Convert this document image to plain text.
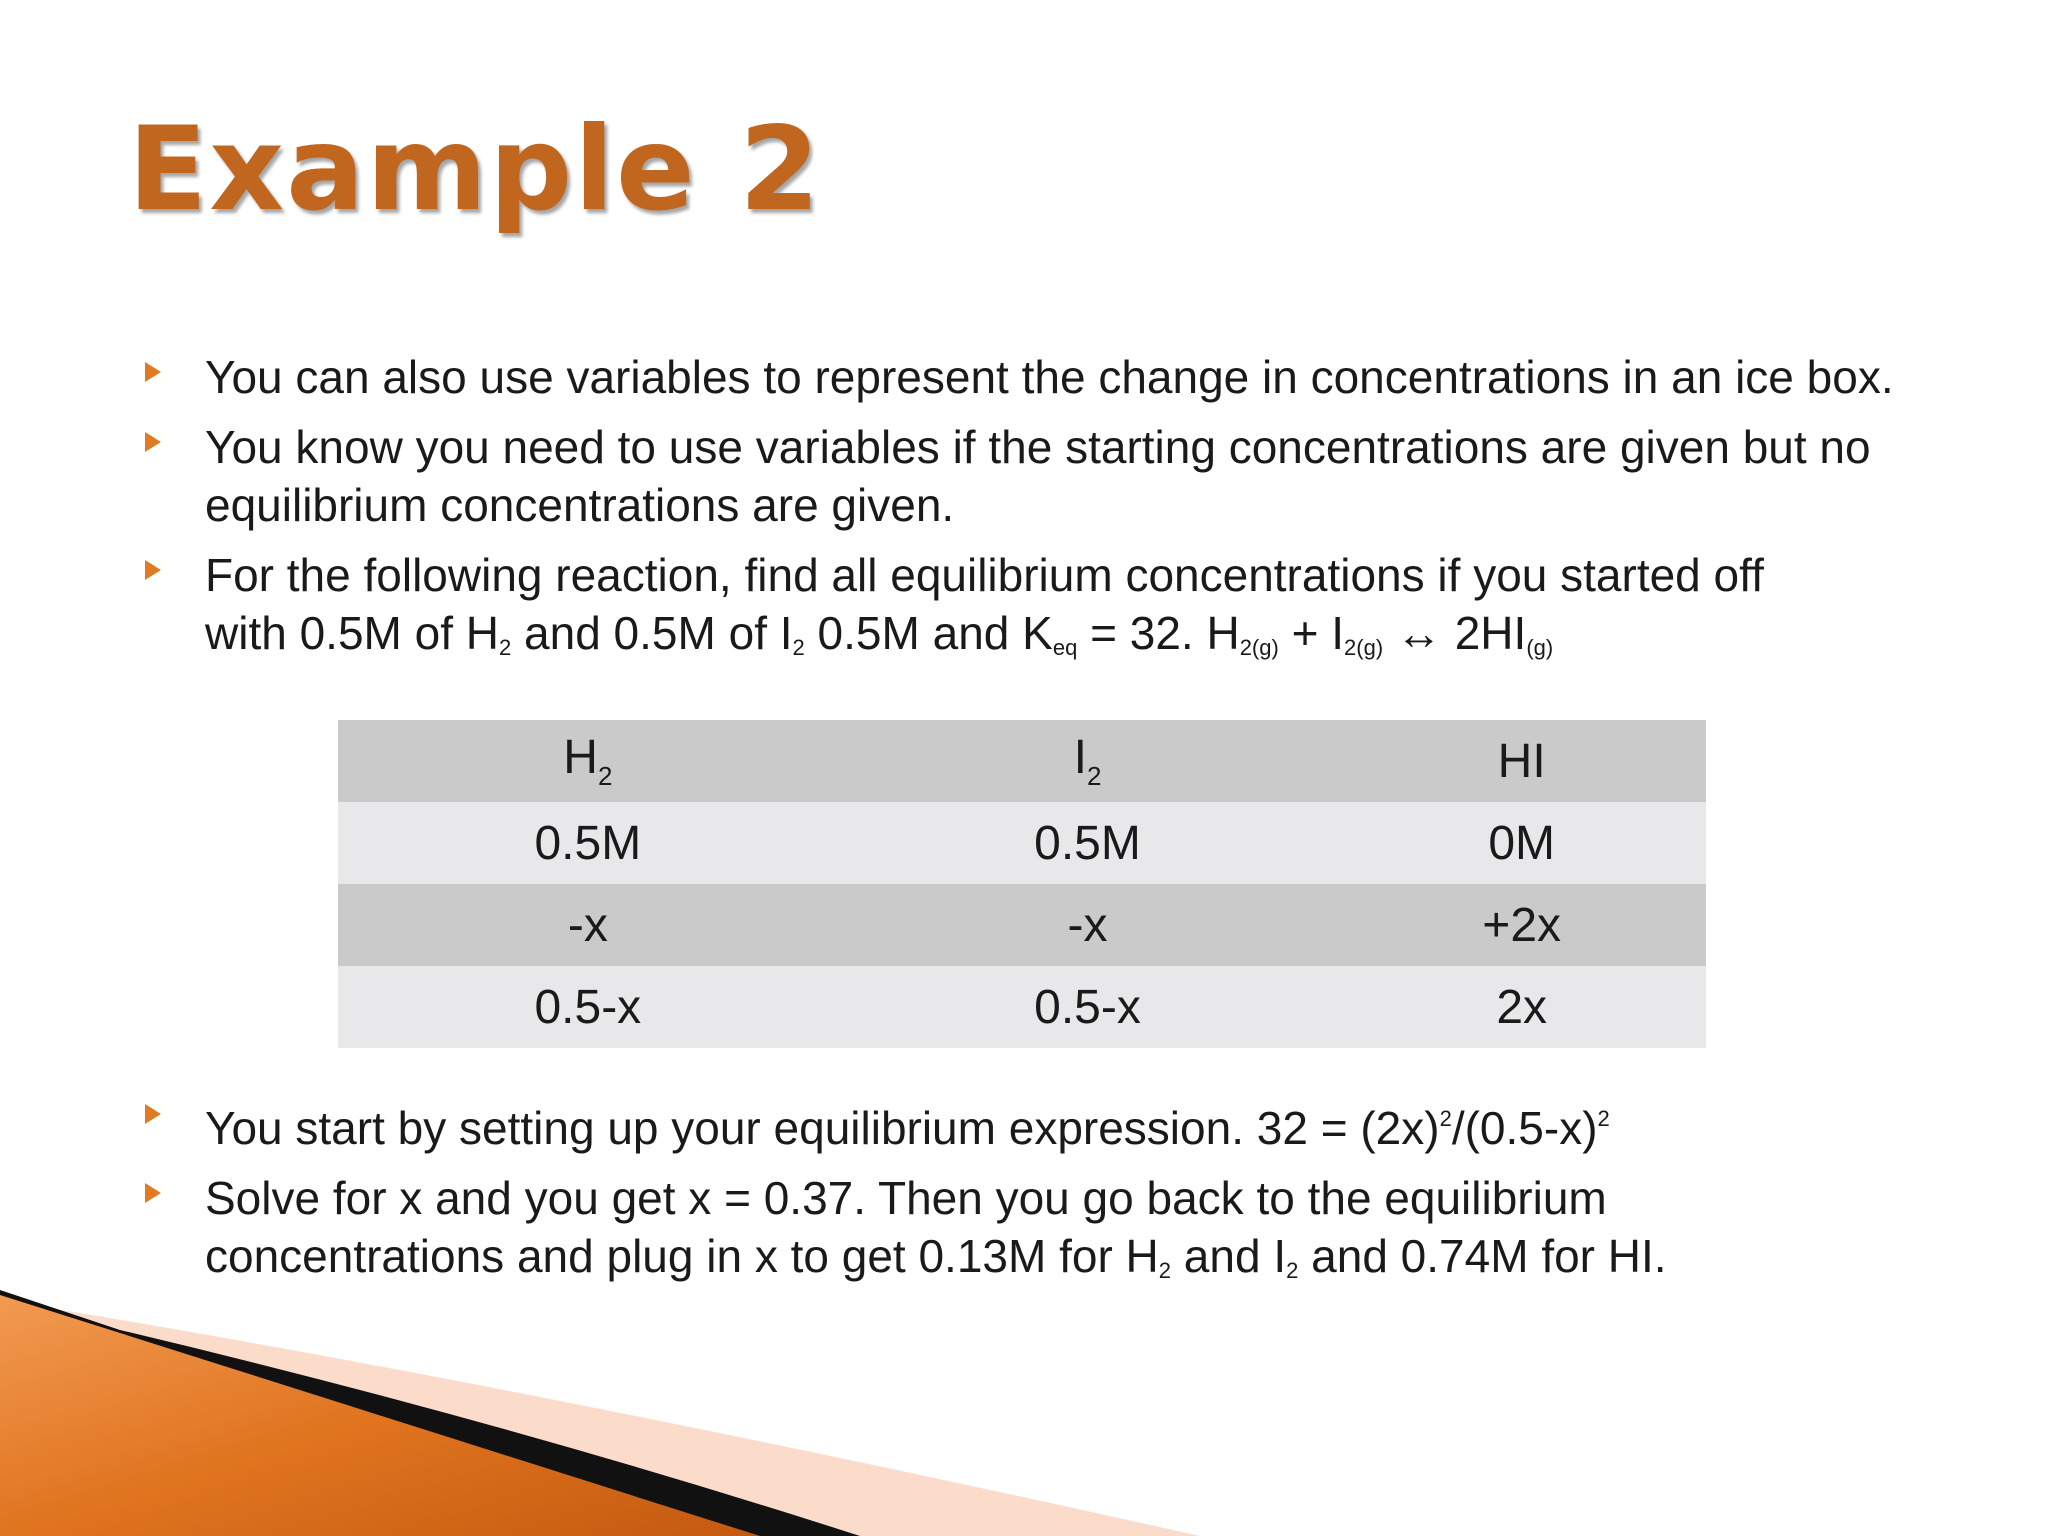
Example 2
You can also use variables to represent the change in concentrations in an ice box.
You know you need to use variables if the starting concentrations are given but no equilibrium concentrations are given.
For the following reaction, find all equilibrium concentrations if you started off
with 0.5M of $H_2$ and 0.5M of $I_2$ 0.5M and $K_{eq} = 32$. $H_{2(g)} + I_{2(g)}$ ↔ $2HI_{(g)}$
$H_2$	$I_2$	HI
0.5M	0.5M	0M
-x	-x	+2x
0.5-x	0.5-x	2x
You start by setting up your equilibrium expression. $32 = (2x)^2/(0.5-x)^2$
Solve for x and you get x = 0.37. Then you go back to the equilibrium
concentrations and plug in x to get 0.13M for $H_2$ and $I_2$ and 0.74M for HI.
